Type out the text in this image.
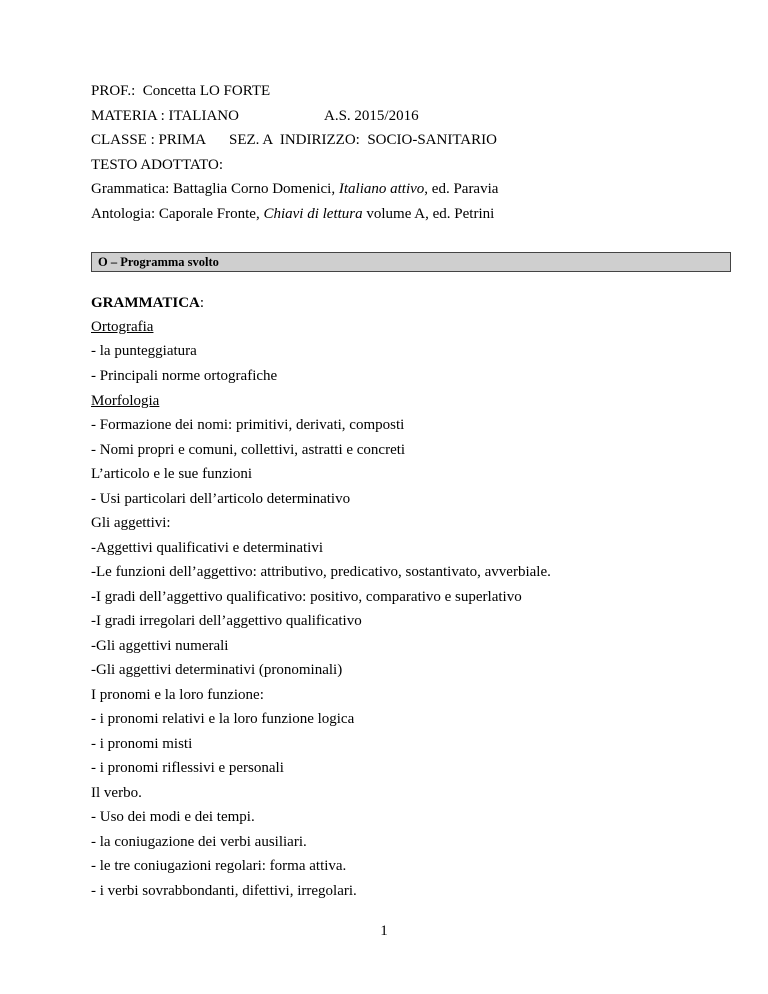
PROF.: Concetta LO FORTE
MATERIA : ITALIANO	A.S. 2015/2016
CLASSE : PRIMA SEZ. A  INDIRIZZO:  SOCIO-SANITARIO
TESTO ADOTTATO:
Grammatica: Battaglia Corno Domenici, Italiano attivo, ed. Paravia
Antologia: Caporale Fronte, Chiavi di lettura volume A, ed. Petrini
O – Programma svolto
GRAMMATICA:
Ortografia
- la punteggiatura
- Principali norme ortografiche
Morfologia
- Formazione dei nomi: primitivi, derivati, composti
- Nomi propri e comuni, collettivi, astratti e concreti
L’articolo e le sue funzioni
- Usi particolari dell’articolo determinativo
Gli aggettivi:
-Aggettivi qualificativi e determinativi
-Le funzioni dell’aggettivo: attributivo, predicativo, sostantivato, avverbiale.
-I gradi dell’aggettivo qualificativo: positivo, comparativo e superlativo
-I gradi irregolari dell’aggettivo qualificativo
-Gli aggettivi numerali
-Gli aggettivi determinativi (pronominali)
I pronomi e la loro funzione:
- i pronomi relativi e la loro funzione logica
- i pronomi misti
- i pronomi riflessivi e personali
Il verbo.
- Uso dei modi e dei tempi.
- la coniugazione dei verbi ausiliari.
- le tre coniugazioni regolari: forma attiva.
- i verbi sovrabbondanti, difettivi, irregolari.
1
